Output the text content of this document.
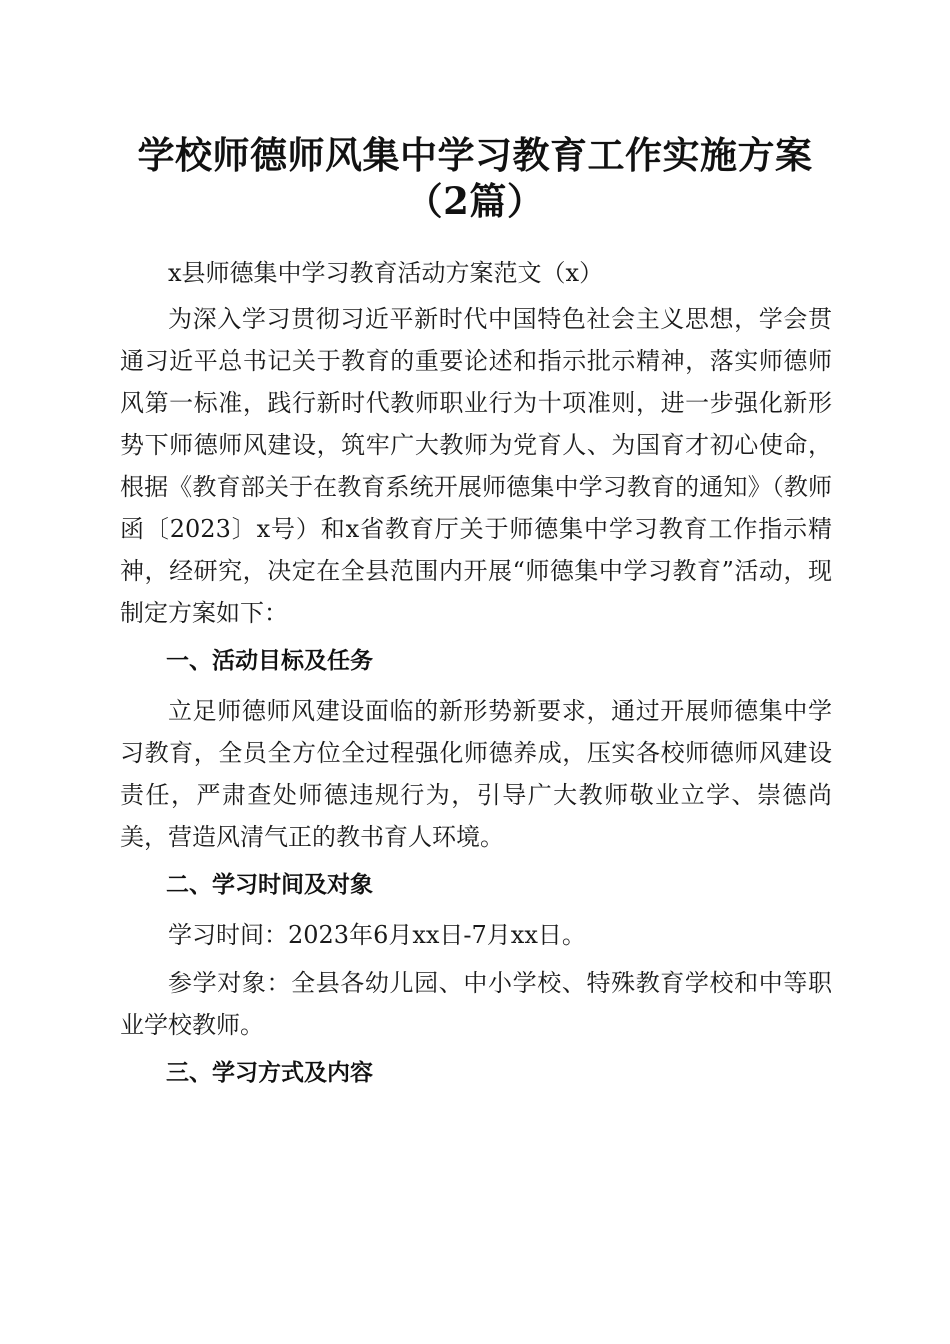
学校师德师风集中学习教育工作实施方案（2篇）

x县师德集中学习教育活动方案范文（x）

为深入学习贯彻习近平新时代中国特色社会主义思想，学会贯通习近平总书记关于教育的重要论述和指示批示精神，落实师德师风第一标准，践行新时代教师职业行为十项准则，进一步强化新形势下师德师风建设，筑牢广大教师为党育人、为国育才初心使命，根据《教育部关于在教育系统开展师德集中学习教育的通知》（教师函〔2023〕x号）和x省教育厅关于师德集中学习教育工作指示精神，经研究，决定在全县范围内开展“师德集中学习教育”活动，现制定方案如下：

一、活动目标及任务

立足师德师风建设面临的新形势新要求，通过开展师德集中学习教育，全员全方位全过程强化师德养成，压实各校师德师风建设责任，严肃查处师德违规行为，引导广大教师敬业立学、崇德尚美，营造风清气正的教书育人环境。

二、学习时间及对象

学习时间：2023年6月xx日-7月xx日。

参学对象：全县各幼儿园、中小学校、特殊教育学校和中等职业学校教师。

三、学习方式及内容
